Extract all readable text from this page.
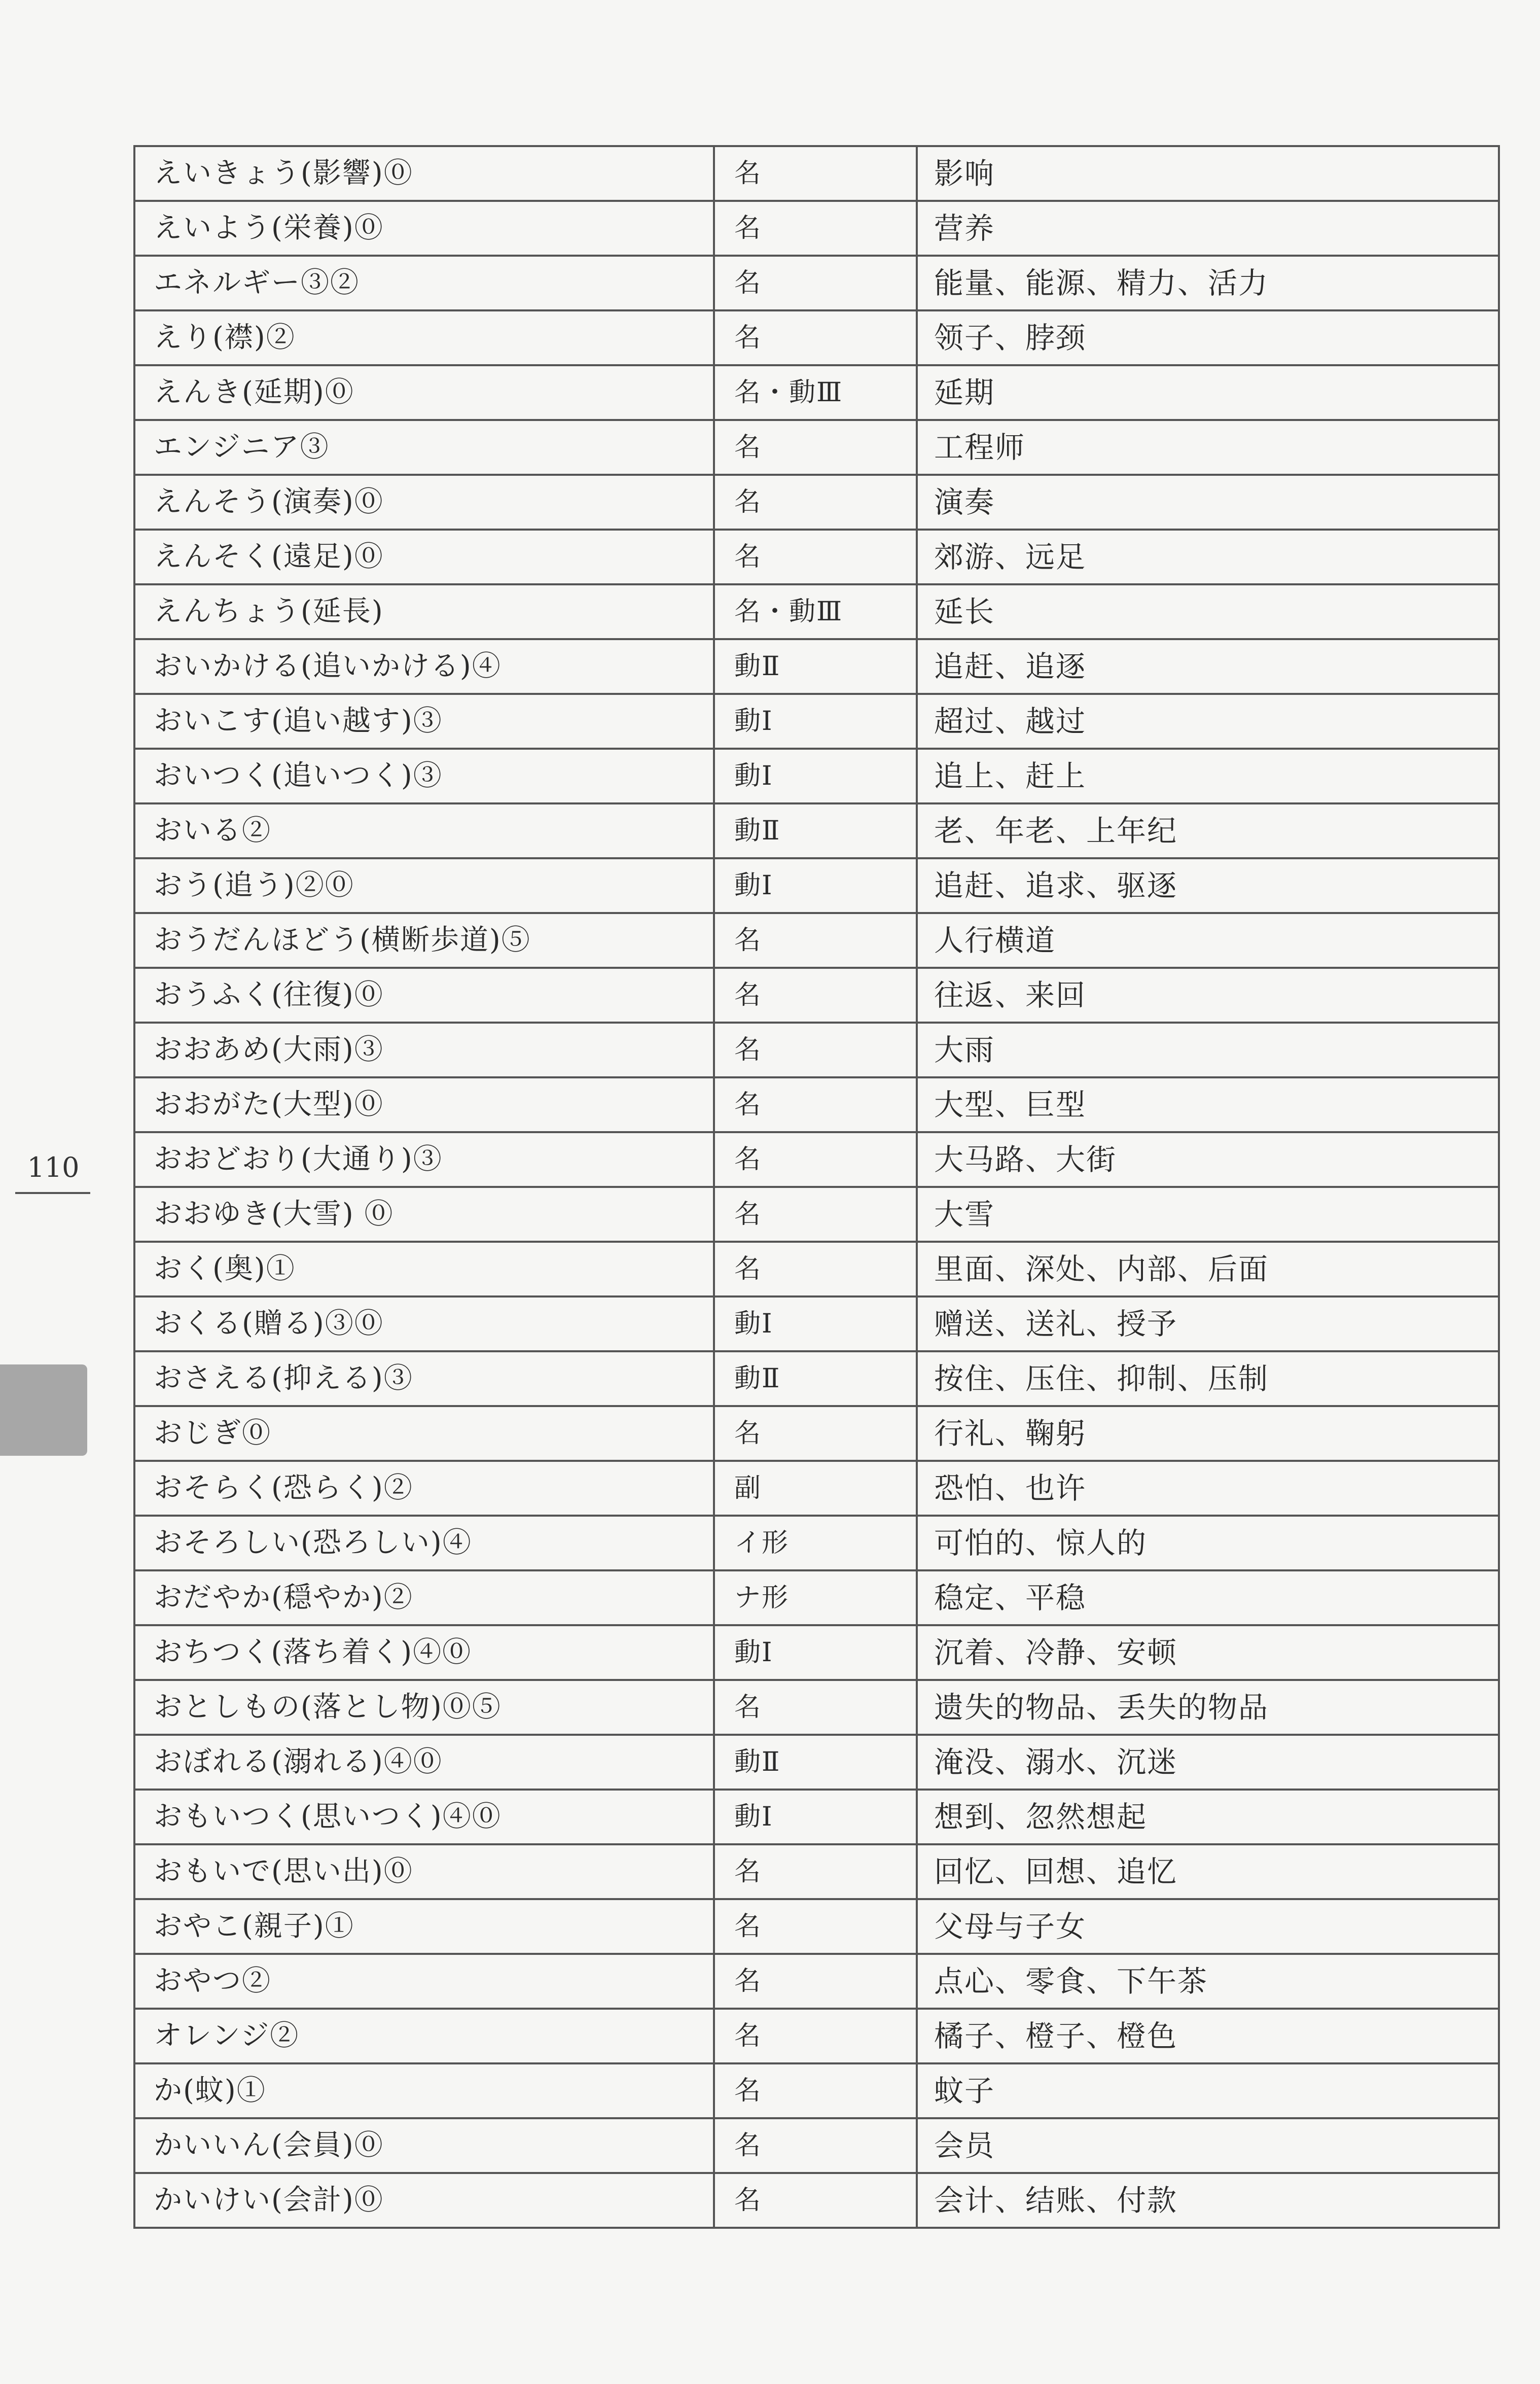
えいきょう(影響)⓪	名	影响
えいよう(栄養)⓪	名	营养
エネルギー③②	名	能量、能源、精力、活力
えり(襟)②	名	领子、脖颈
えんき(延期)⓪	名・動Ⅲ	延期
エンジニア③	名	工程师
えんそう(演奏)⓪	名	演奏
えんそく(遠足)⓪	名	郊游、远足
えんちょう(延長)	名・動Ⅲ	延长
おいかける(追いかける)④	動Ⅱ	追赶、追逐
おいこす(追い越す)③	動Ⅰ	超过、越过
おいつく(追いつく)③	動Ⅰ	追上、赶上
おいる②	動Ⅱ	老、年老、上年纪
おう(追う)②⓪	動Ⅰ	追赶、追求、驱逐
おうだんほどう(横断歩道)⑤	名	人行横道
おうふく(往復)⓪	名	往返、来回
おおあめ(大雨)③	名	大雨
おおがた(大型)⓪	名	大型、巨型
おおどおり(大通り)③	名	大马路、大街
おおゆき(大雪) ⓪	名	大雪
おく(奥)①	名	里面、深处、内部、后面
おくる(贈る)③⓪	動Ⅰ	赠送、送礼、授予
おさえる(抑える)③	動Ⅱ	按住、压住、抑制、压制
おじぎ⓪	名	行礼、鞠躬
おそらく(恐らく)②	副	恐怕、也许
おそろしい(恐ろしい)④	イ形	可怕的、惊人的
おだやか(穏やか)②	ナ形	稳定、平稳
おちつく(落ち着く)④⓪	動Ⅰ	沉着、冷静、安顿
おとしもの(落とし物)⓪⑤	名	遗失的物品、丢失的物品
おぼれる(溺れる)④⓪	動Ⅱ	淹没、溺水、沉迷
おもいつく(思いつく)④⓪	動Ⅰ	想到、忽然想起
おもいで(思い出)⓪	名	回忆、回想、追忆
おやこ(親子)①	名	父母与子女
おやつ②	名	点心、零食、下午茶
オレンジ②	名	橘子、橙子、橙色
か(蚊)①	名	蚊子
かいいん(会員)⓪	名	会员
かいけい(会計)⓪	名	会计、结账、付款
110
